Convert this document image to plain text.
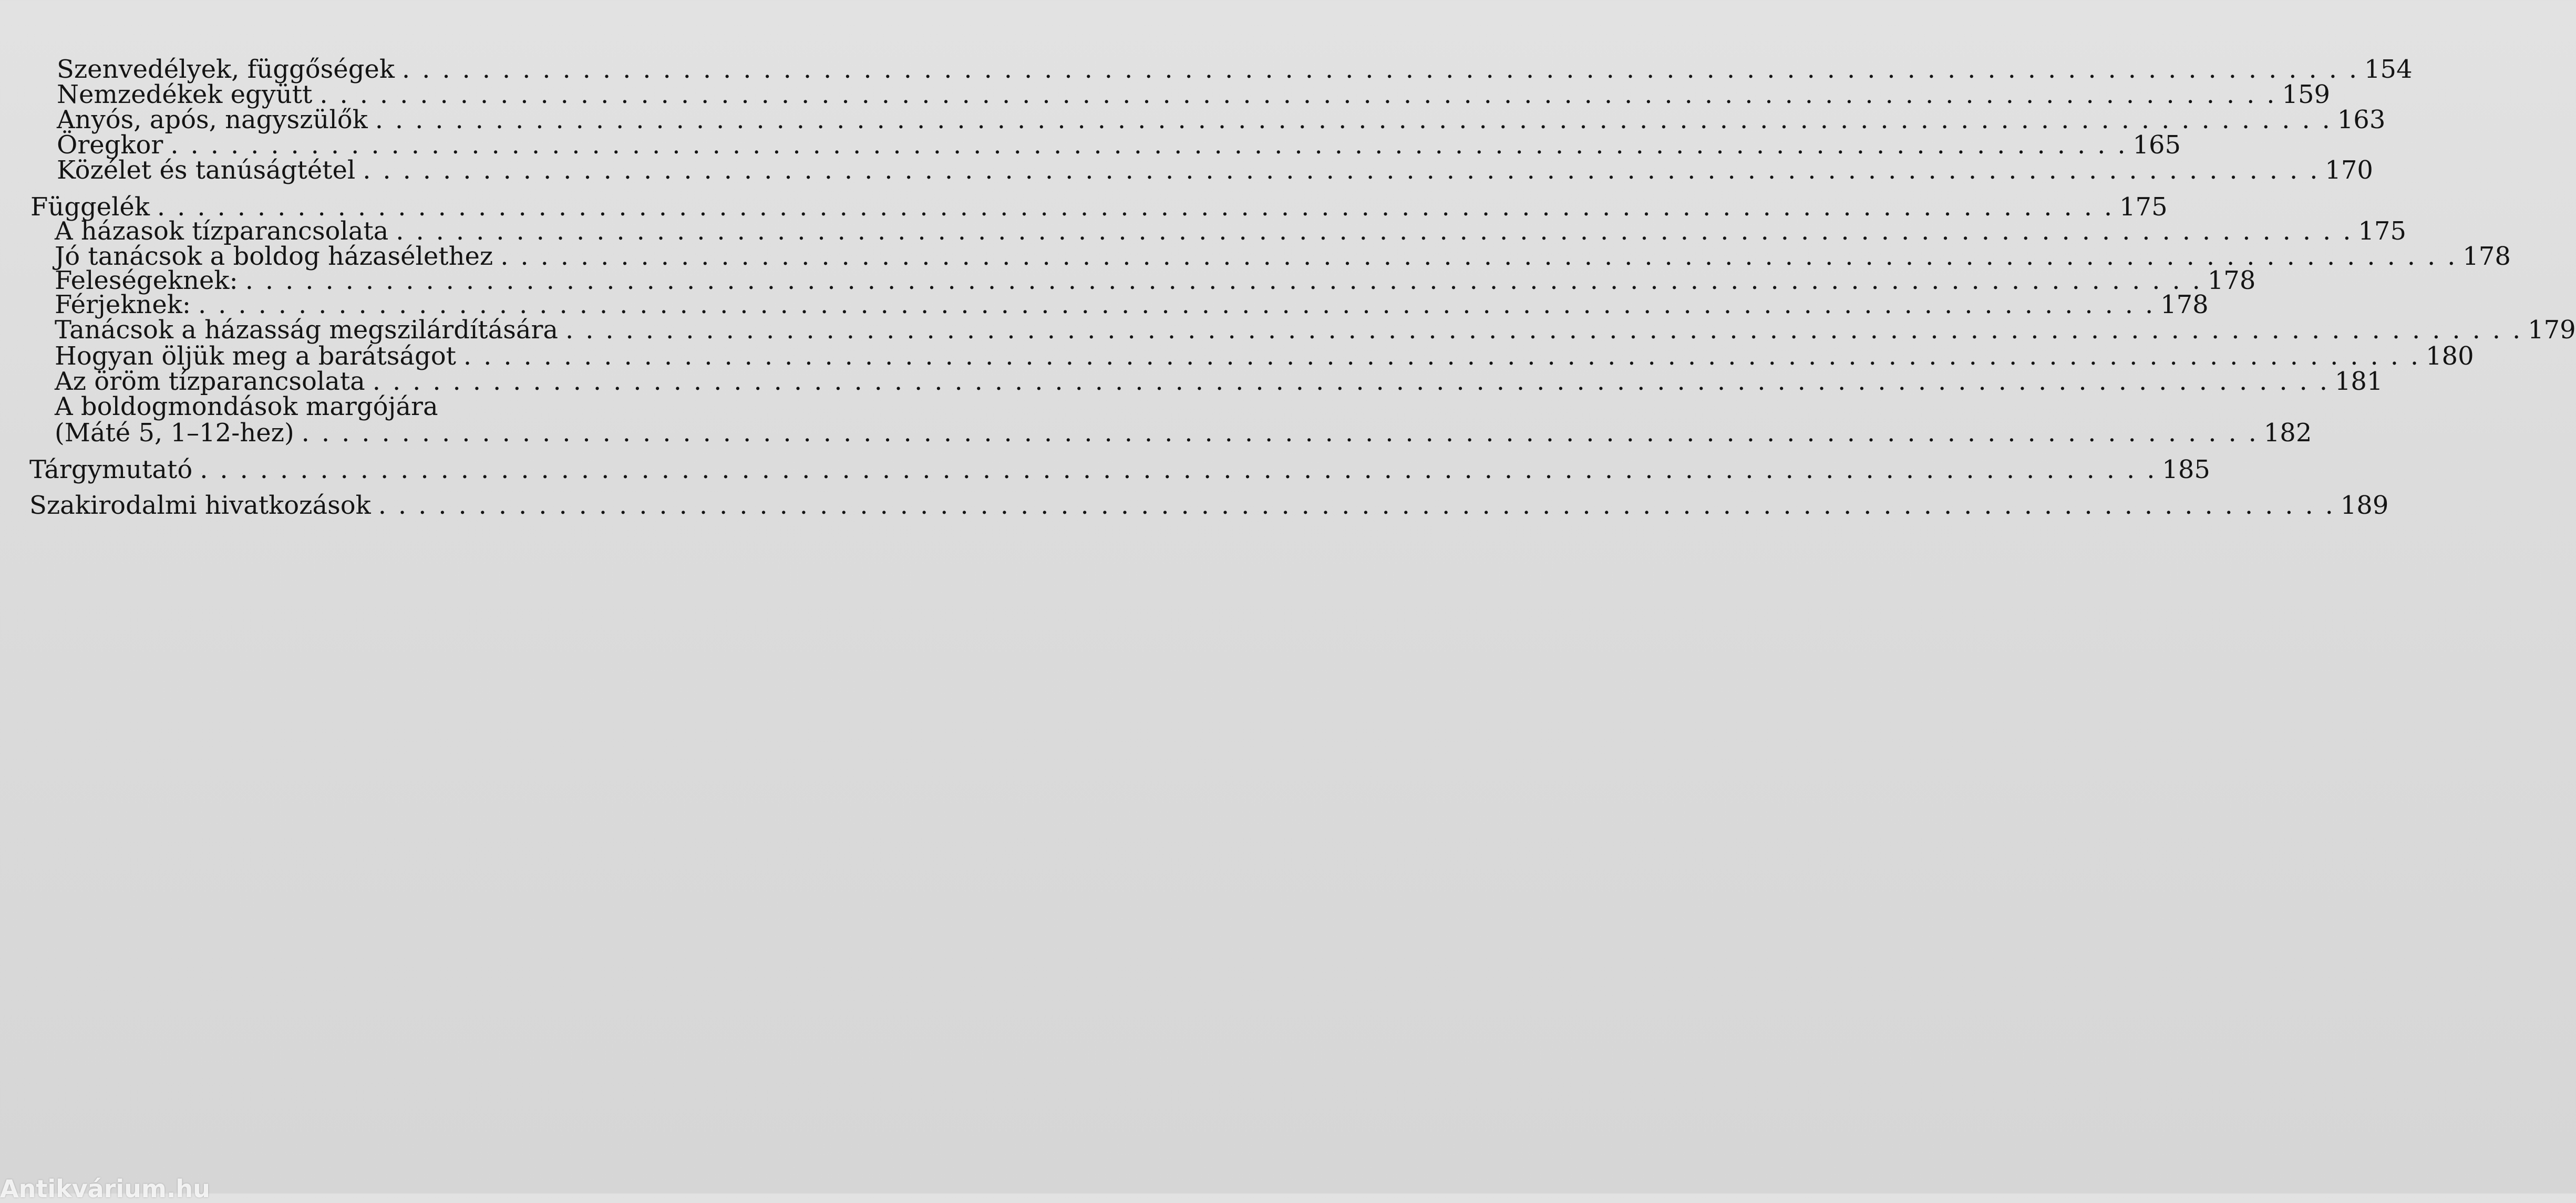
Szenvedélyek, függőségek . . .	154
Nemzedékek együtt . . .	159
Anyós, após, nagyszülők . . .	163
Öregkor . . .	165
Közélet és tanúságtétel . . .	170
Függelék . . .	175
A házasok tízparancsolata . . .	175
Jó tanácsok a boldog házasélethez . . .	178
Feleségeknek: . . .	178
Férjeknek: . . .	178
Tanácsok a házasság megszilárdítására . . .	179
Hogyan öljük meg a barátságot . . .	180
Az öröm tízparancsolata . . .	181
A boldogmondások margójára
(Máté 5, 1–12-hez) . . .	182
Tárgymutató . . .	185
Szakirodalmi hivatkozások . . .	189
Antikvárium.hu
